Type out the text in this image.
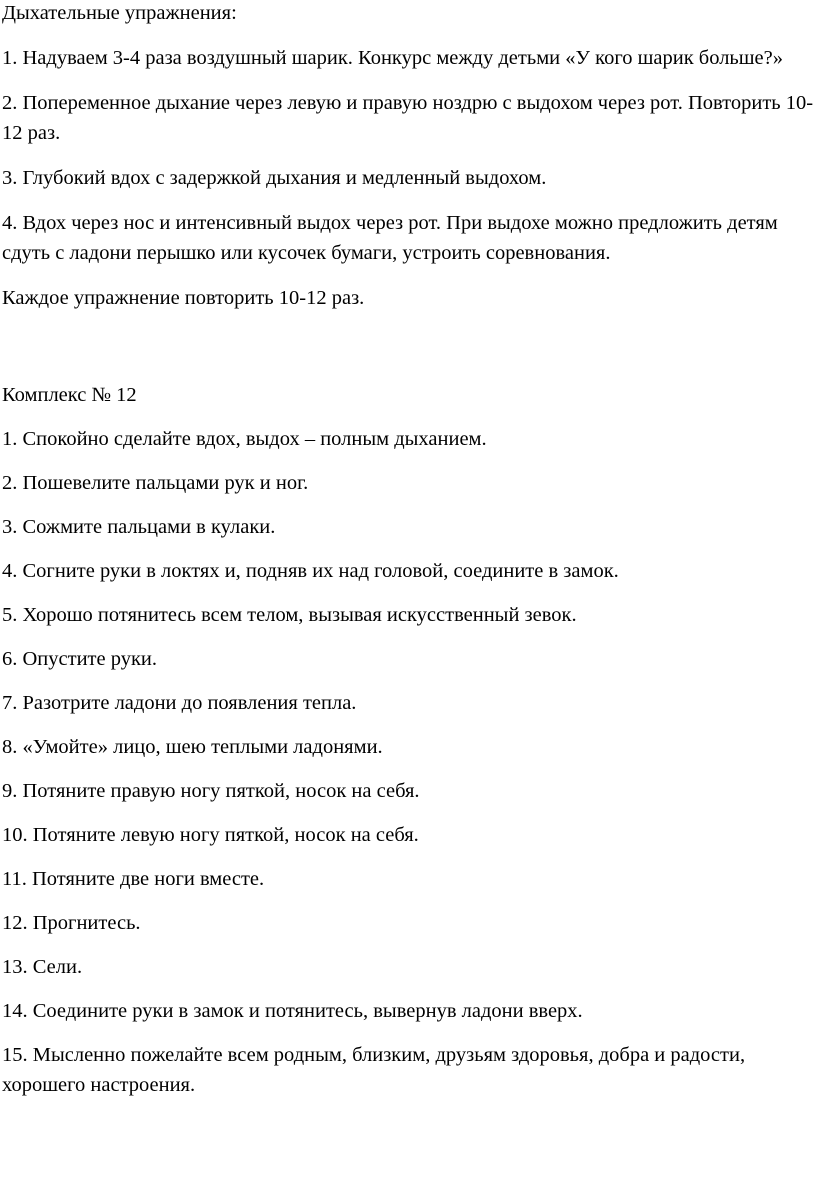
Дыхательные упражнения:

1. Надуваем 3-4 раза воздушный шарик. Конкурс между детьми «У кого шарик больше?»

2. Попеременное дыхание через левую и правую ноздрю с выдохом через рот. Повторить 10-12 раз.

3. Глубокий вдох с задержкой дыхания и медленный выдохом.

4. Вдох через нос и интенсивный выдох через рот. При выдохе можно предложить детям сдуть с ладони перышко или кусочек бумаги, устроить соревнования.

Каждое упражнение повторить 10-12 раз.

Комплекс № 12

1. Спокойно сделайте вдох, выдох – полным дыханием.

2. Пошевелите пальцами рук и ног.

3. Сожмите пальцами в кулаки.

4. Согните руки в локтях и, подняв их над головой, соедините в замок.

5. Хорошо потянитесь всем телом, вызывая искусственный зевок.

6. Опустите руки.

7. Разотрите ладони до появления тепла.

8. «Умойте» лицо, шею теплыми ладонями.

9. Потяните правую ногу пяткой, носок на себя.

10. Потяните левую ногу пяткой, носок на себя.

11. Потяните две ноги вместе.

12. Прогнитесь.

13. Сели.

14. Соедините руки в замок и потянитесь, вывернув ладони вверх.

15. Мысленно пожелайте всем родным, близким, друзьям здоровья, добра и радости, хорошего настроения.
